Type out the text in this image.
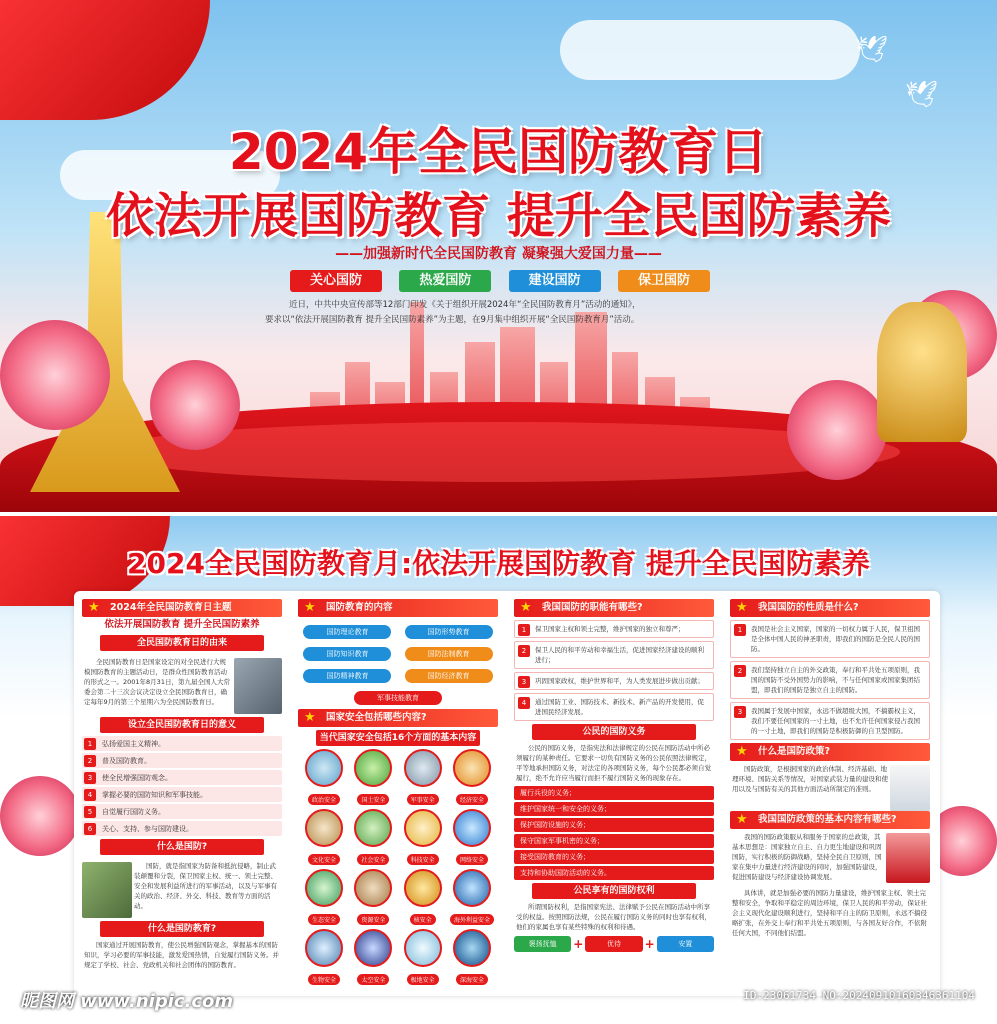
🕊
🕊
2024年全民国防教育日
依法开展国防教育 提升全民国防素养
——加强新时代全民国防教育 凝聚强大爱国力量——
关心国防	热爱国防	建设国防	保卫国防
近日，中共中央宣传部等12部门印发《关于组织开展2024年“全民国防教育月”活动的通知》，
要求以“依法开展国防教育 提升全民国防素养”为主题，在9月集中组织开展“全民国防教育月”活动。
2024全民国防教育月:依法开展国防教育 提升全民国防素养
★ 2024年全民国防教育日主题
依法开展国防教育 提升全民国防素养
全民国防教育日的由来
全民国防教育日是国家设定的对全民进行大规模国防教育的主题活动日，是群众性国防教育活动的形式之一。2001年8月31日，第九届全国人大常委会第二十三次会议决定设立全民国防教育日，确定每年9月的第三个星期六为全民国防教育日。
设立全民国防教育日的意义
1	弘扬爱国主义精神。
2	普及国防教育。
3	使全民增强国防观念。
4	掌握必要的国防知识和军事技能。
5	自觉履行国防义务。
6	关心、支持、参与国防建设。
什么是国防?
国防，就是指国家为防备和抵抗侵略，制止武装颠覆和分裂，保卫国家主权、统一、领土完整、安全和发展利益所进行的军事活动，以及与军事有关的政治、经济、外交、科技、教育等方面的活动。
什么是国防教育?
国家通过开展国防教育，使公民增强国防观念，掌握基本的国防知识，学习必要的军事技能，激发爱国热情，自觉履行国防义务。并规定了学校、社会、党政机关和社会团体的国防教育。
★ 国防教育的内容
国防理论教育	国防形势教育 国防知识教育	国防法制教育 国防精神教育	国防经济教育 军事技能教育
★ 国家安全包括哪些内容?
当代国家安全包括16个方面的基本内容
政治安全	国土安全	军事安全	经济安全
文化安全	社会安全	科技安全	网络安全
生态安全	资源安全	核安全	海外利益安全
生物安全	太空安全	极地安全	深海安全
★ 我国国防的职能有哪些?
1	保卫国家主权和领土完整，维护国家的独立和尊严；
2	保卫人民的和平劳动和幸福生活，促进国家经济建设的顺利进行；
3	巩固国家政权，维护世界和平，为人类发展进步做出贡献；
4	通过国防工业、国防技术、新技术、新产品的开发使用，促进国民经济发展。
公民的国防义务
公民的国防义务，是指宪法和法律规定的公民在国防活动中所必须履行的某种责任。它要求一切负有国防义务的公民依照法律规定，平等地承担国防义务，对法定的各项国防义务，每个公民都必须自觉履行，绝不允许应当履行而拒不履行国防义务的现象存在。
履行兵役的义务；
维护国家统一和安全的义务；
保护国防设施的义务；
保守国家军事机密的义务；
接受国防教育的义务；
支持和协助国防活动的义务。
公民享有的国防权利
所谓国防权利，是指国家宪法、法律赋予公民在国防活动中所享受的权益。按照国防法规，公民在履行国防义务的同时也享有权利，他们的家属也享有某些特殊的权利和待遇。
褒扬抚恤	+	优待	+	安置
★ 我国国防的性质是什么?
1	我国是社会主义国家，国家的一切权力属于人民，保卫祖国是全体中国人民的神圣职责，即我们的国防是全民人民的国防。
2	我们坚持独立自主的外交政策，奉行和平共处五项原则，我国的国防不受外国势力的影响，不与任何国家或国家集团结盟，即我们的国防是独立自主的国防。
3	我国属于发展中国家，永远不做超级大国，不搞霸权主义，我们不要任何国家的一寸土地，也不允许任何国家侵占我国的一寸土地，即我们的国防是积极防御的自卫型国防。
★ 什么是国防政策?
国防政策，是根据国家的政治体制、经济基础、地理环境、国防关系等情况，对国家武装力量的建设和使用以及与国防有关的其他方面活动所制定的准则。
★ 我国国防政策的基本内容有哪些?
我国的国防政策服从和服务于国家的总政策，其基本思想是：国家独立自主、自力更生地建设和巩固国防，实行积极的防御战略，坚持全民自卫原则，国家在集中力量进行经济建设的同时，加强国防建设，促进国防建设与经济建设协调发展。
具体讲，就是加强必要的国防力量建设，维护国家主权、领土完整和安全，争取和平稳定的周边环境，保卫人民的和平劳动，保证社会主义现代化建设顺利进行，坚持和平自主的防卫原则，永远不搞侵略扩张，在外交上奉行和平共处五项原则，与各国友好合作，不依附任何大国，不同他们结盟。
昵图网 www.nipic.com	ID:23061734 NO:20240910160346361104
